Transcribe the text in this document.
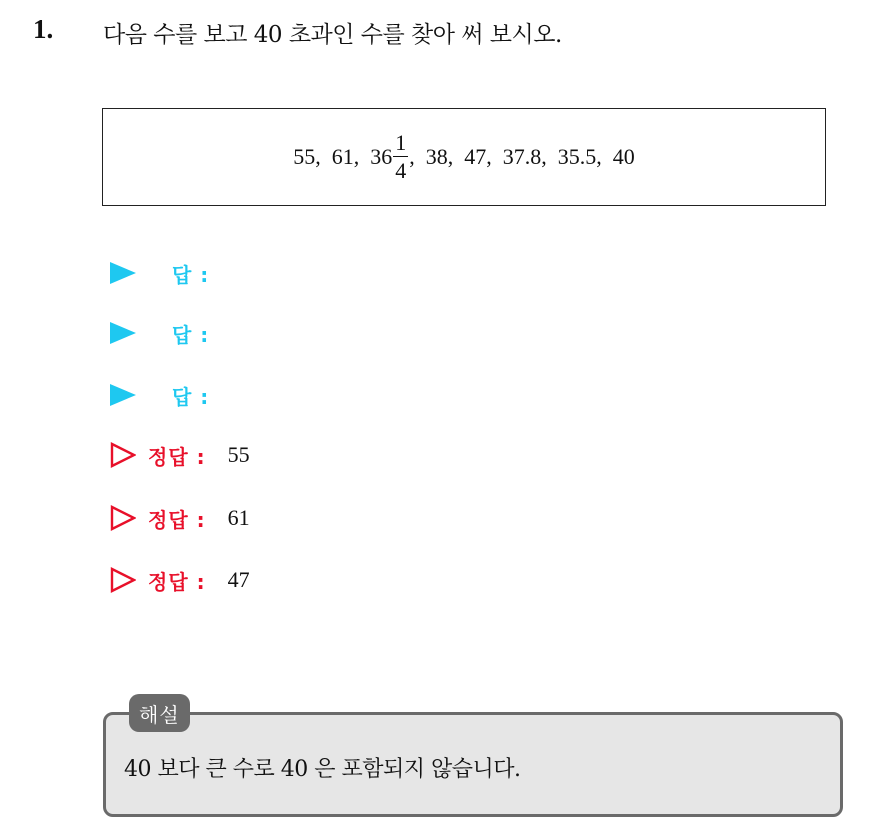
1. 다음 수를 보고 40 초과인 수를 찾아 써 보시오.
55,  61,  $36 \frac{1}{4}$ ,  38,  47,  37.8,  35.5,  40
답 :
답 :
답 :
정답 : 55
정답 : 61
정답 : 47
해설
40 보다 큰 수로 40 은 포함되지 않습니다.
